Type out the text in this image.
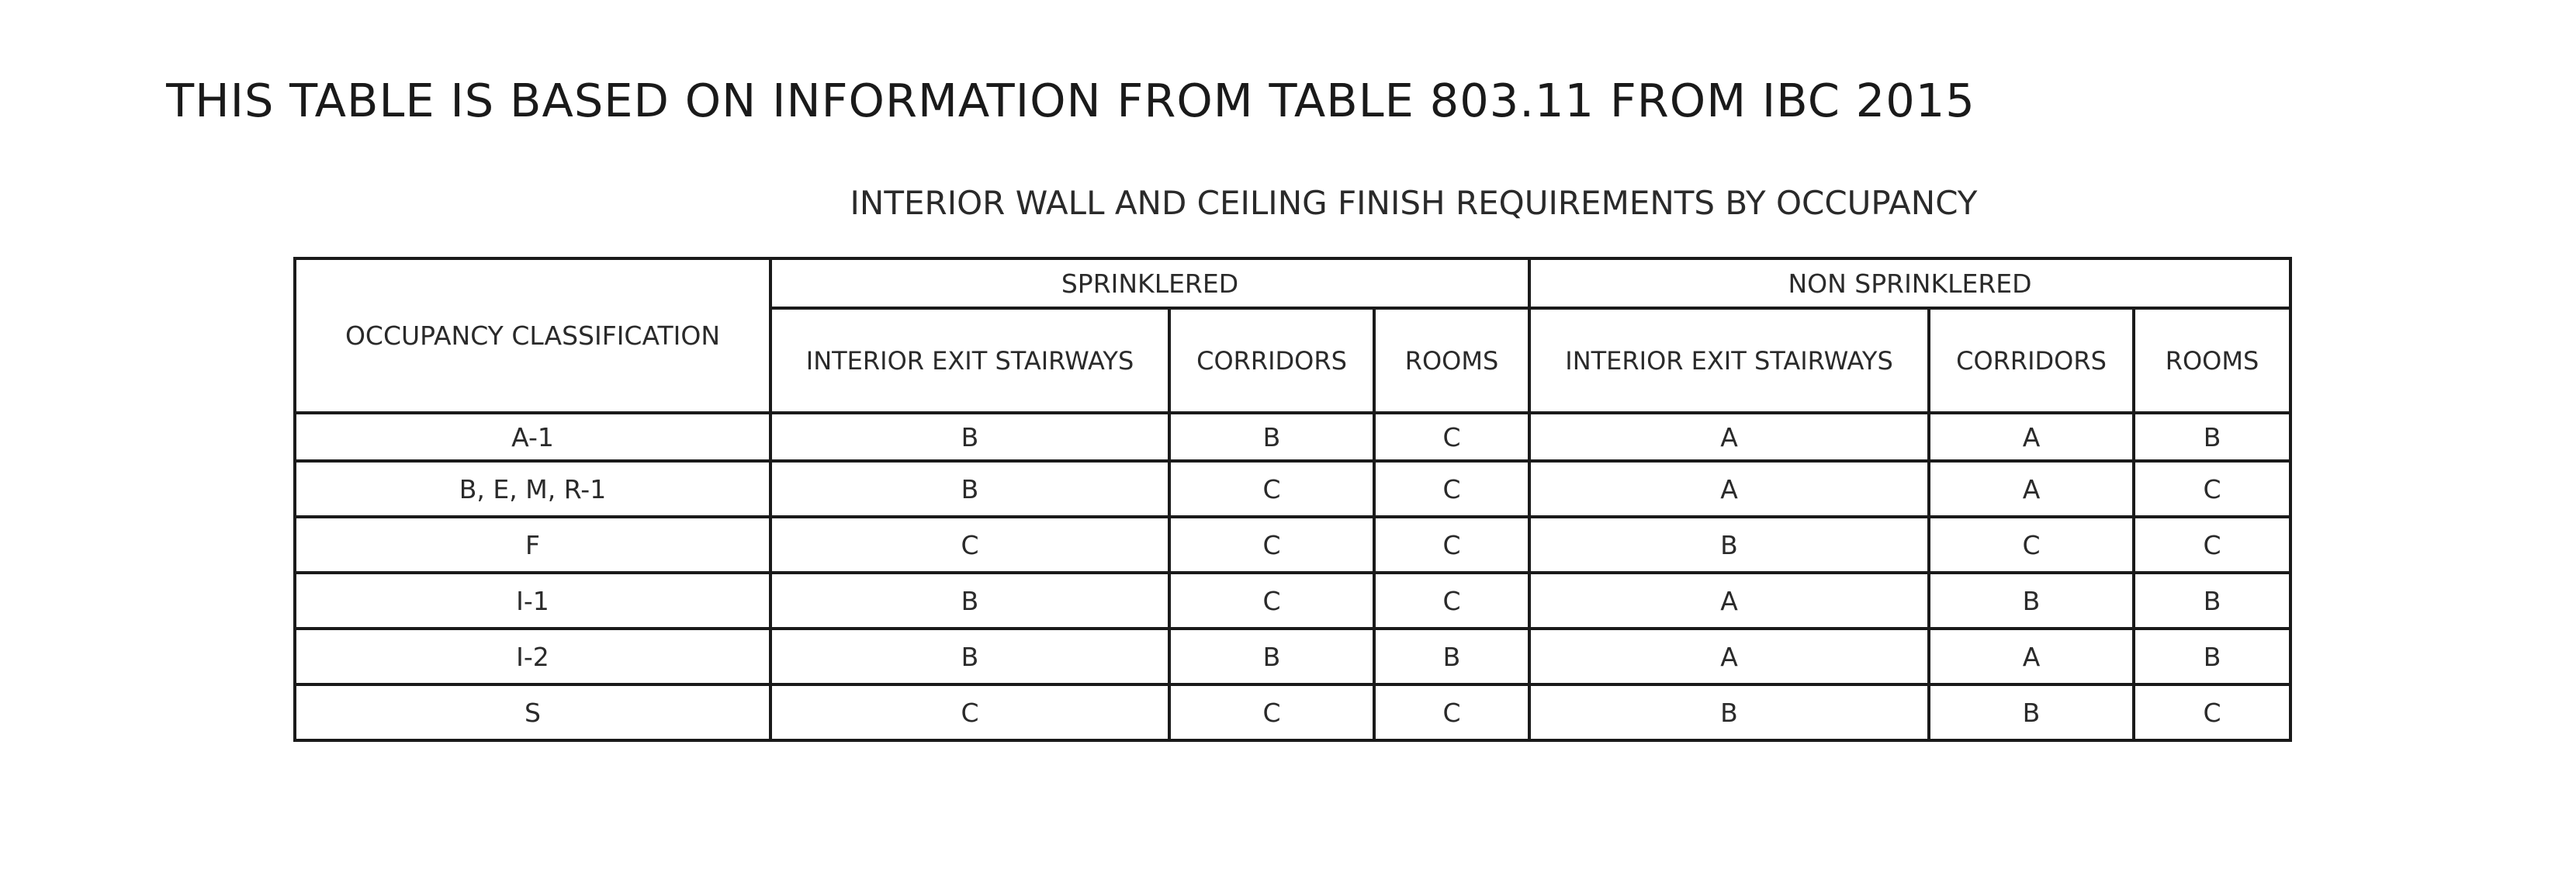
THIS TABLE IS BASED ON INFORMATION FROM TABLE 803.11 FROM IBC 2015
INTERIOR WALL AND CEILING FINISH REQUIREMENTS BY OCCUPANCY
OCCUPANCY CLASSIFICATION	SPRINKLERED			NON SPRINKLERED		
	INTERIOR EXIT STAIRWAYS	CORRIDORS	ROOMS	INTERIOR EXIT STAIRWAYS	CORRIDORS	ROOMS
A-1	B	B	C	A	A	B
B, E, M, R-1	B	C	C	A	A	C
F	C	C	C	B	C	C
I-1	B	C	C	A	B	B
I-2	B	B	B	A	A	B
S	C	C	C	B	B	C
